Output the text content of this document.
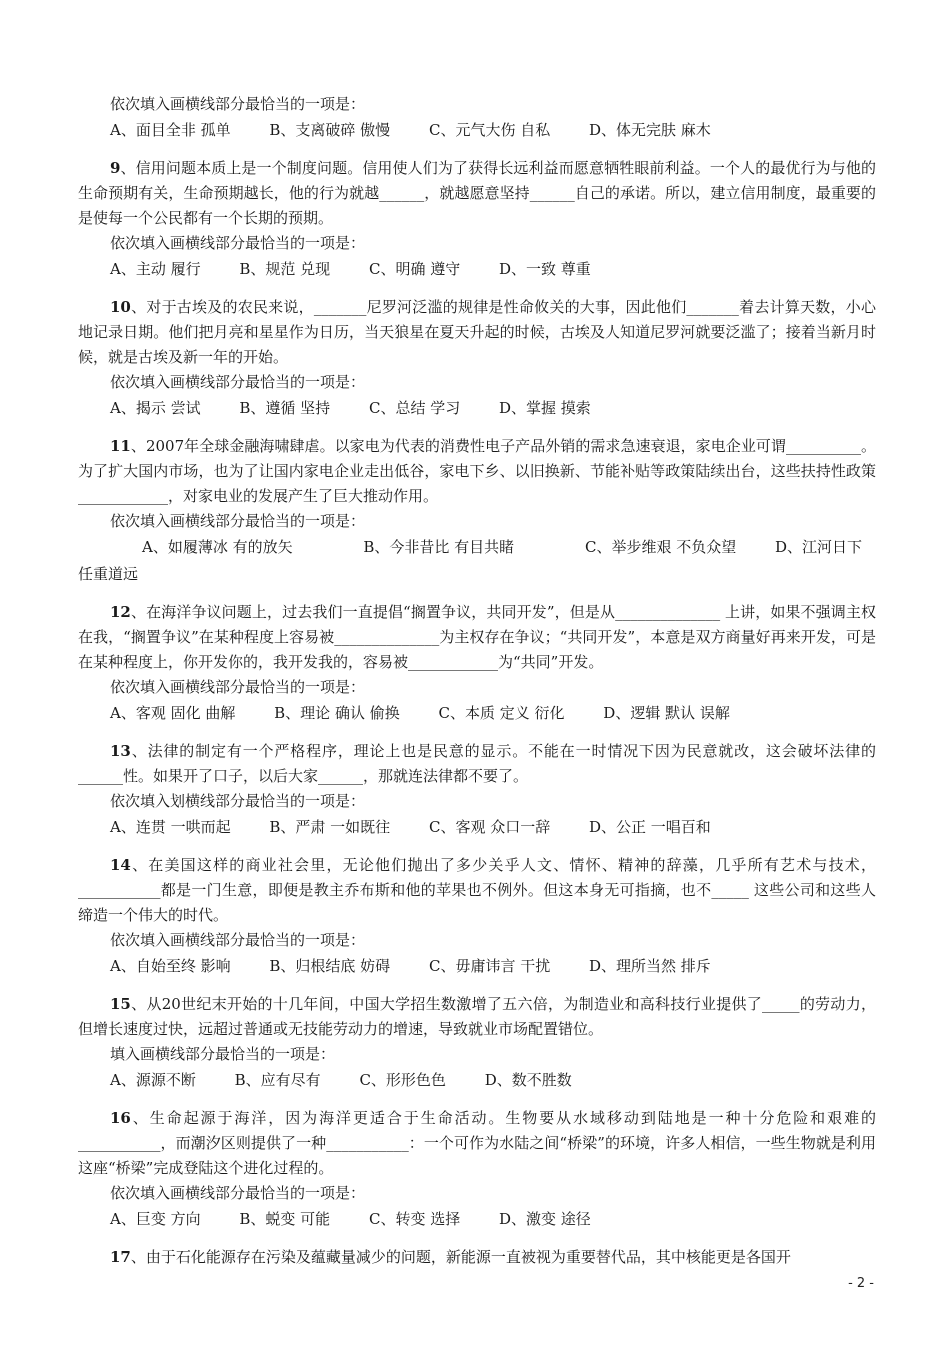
依次填入画横线部分最恰当的一项是：

A、面目全非 孤单	B、支离破碎 傲慢	C、元气大伤 自私	D、体无完肤 麻木

9、信用问题本质上是一个制度问题。信用使人们为了获得长远利益而愿意牺牲眼前利益。一个人的最优行为与他的生命预期有关，生命预期越长，他的行为就越______，就越愿意坚持______自己的承诺。所以，建立信用制度，最重要的是使每一个公民都有一个长期的预期。

依次填入画横线部分最恰当的一项是：

A、主动 履行	B、规范 兑现	C、明确 遵守	D、一致 尊重

10、对于古埃及的农民来说，_______尼罗河泛滥的规律是性命攸关的大事，因此他们_______着去计算天数，小心地记录日期。他们把月亮和星星作为日历，当天狼星在夏天升起的时候，古埃及人知道尼罗河就要泛滥了；接着当新月时候，就是古埃及新一年的开始。

依次填入画横线部分最恰当的一项是：

A、揭示 尝试	B、遵循 坚持	C、总结 学习	D、掌握 摸索

11、2007年全球金融海啸肆虐。以家电为代表的消费性电子产品外销的需求急速衰退，家电企业可谓__________。为了扩大国内市场，也为了让国内家电企业走出低谷，家电下乡、以旧换新、节能补贴等政策陆续出台，这些扶持性政策____________，对家电业的发展产生了巨大推动作用。

依次填入画横线部分最恰当的一项是：

A、如履薄冰 有的放矢	B、今非昔比 有目共睹	C、举步维艰 不负众望	D、江河日下 任重道远

12、在海洋争议问题上，过去我们一直提倡“搁置争议，共同开发”，但是从______________ 上讲，如果不强调主权在我，“搁置争议”在某种程度上容易被______________为主权存在争议；“共同开发”，本意是双方商量好再来开发，可是在某种程度上，你开发你的，我开发我的，容易被____________为“共同”开发。

依次填入画横线部分最恰当的一项是：

A、客观 固化 曲解	B、理论 确认 偷换	C、本质 定义 衍化	D、逻辑 默认 误解

13、法律的制定有一个严格程序，理论上也是民意的显示。不能在一时情况下因为民意就改，这会破坏法律的______性。如果开了口子，以后大家______，那就连法律都不要了。

依次填入划横线部分最恰当的一项是：

A、连贯 一哄而起	B、严肃 一如既往	C、客观 众口一辞	D、公正 一唱百和

14、在美国这样的商业社会里，无论他们抛出了多少关乎人文、情怀、精神的辞藻，几乎所有艺术与技术，___________都是一门生意，即便是教主乔布斯和他的苹果也不例外。但这本身无可指摘，也不_____ 这些公司和这些人缔造一个伟大的时代。

依次填入画横线部分最恰当的一项是：

A、自始至终 影响	B、归根结底 妨碍	C、毋庸讳言 干扰	D、理所当然 排斥

15、从20世纪末开始的十几年间，中国大学招生数激增了五六倍，为制造业和高科技行业提供了_____的劳动力，但增长速度过快，远超过普通或无技能劳动力的增速，导致就业市场配置错位。

填入画横线部分最恰当的一项是：

A、源源不断	B、应有尽有	C、形形色色	D、数不胜数

16、生命起源于海洋，因为海洋更适合于生命活动。生物要从水域移动到陆地是一种十分危险和艰难的___________，而潮汐区则提供了一种___________：一个可作为水陆之间“桥梁”的环境，许多人相信，一些生物就是利用这座“桥梁”完成登陆这个进化过程的。

依次填入画横线部分最恰当的一项是：

A、巨变 方向	B、蜕变 可能	C、转变 选择	D、激变 途径

17、由于石化能源存在污染及蕴藏量减少的问题，新能源一直被视为重要替代品，其中核能更是各国开

- 2 -
